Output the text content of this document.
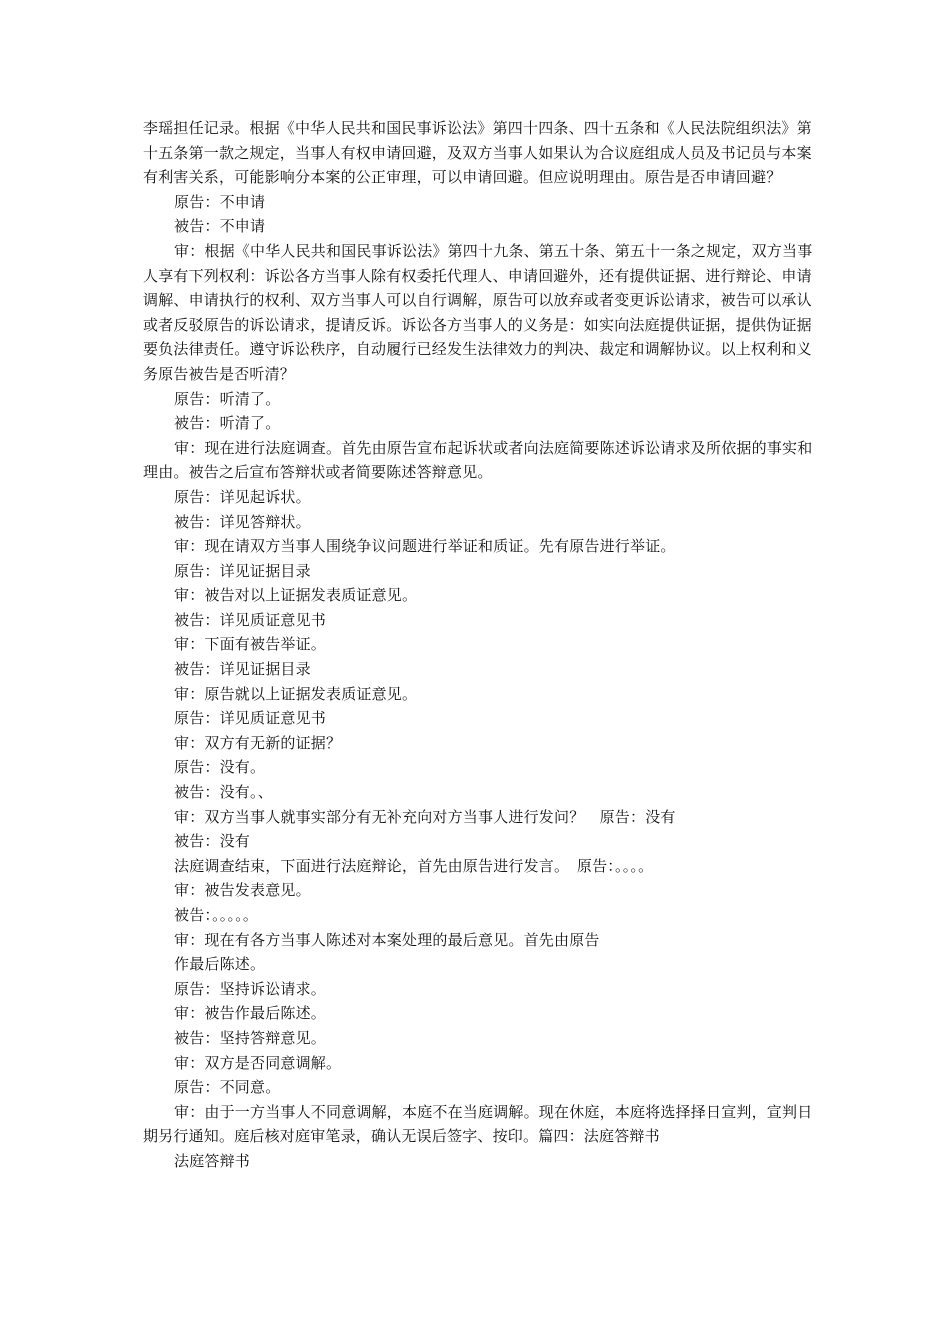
李瑶担任记录。根据《中华人民共和国民事诉讼法》第四十四条、四十五条和《人民法院组织法》第十五条第一款之规定，当事人有权申请回避，及双方当事人如果认为合议庭组成人员及书记员与本案有利害关系，可能影响分本案的公正审理，可以申请回避。但应说明理由。原告是否申请回避？

原告：不申请

被告：不申请

审：根据《中华人民共和国民事诉讼法》第四十九条、第五十条、第五十一条之规定，双方当事人享有下列权利：诉讼各方当事人除有权委托代理人、申请回避外，还有提供证据、进行辩论、申请调解、申请执行的权利、双方当事人可以自行调解，原告可以放弃或者变更诉讼请求，被告可以承认或者反驳原告的诉讼请求，提请反诉。诉讼各方当事人的义务是：如实向法庭提供证据，提供伪证据要负法律责任。遵守诉讼秩序，自动履行已经发生法律效力的判决、裁定和调解协议。以上权利和义务原告被告是否听清？

原告：听清了。

被告：听清了。

审：现在进行法庭调查。首先由原告宣布起诉状或者向法庭简要陈述诉讼请求及所依据的事实和理由。被告之后宣布答辩状或者简要陈述答辩意见。

原告：详见起诉状。

被告：详见答辩状。

审：现在请双方当事人围绕争议问题进行举证和质证。先有原告进行举证。

原告：详见证据目录

审：被告对以上证据发表质证意见。

被告：详见质证意见书

审：下面有被告举证。

被告：详见证据目录

审：原告就以上证据发表质证意见。

原告：详见质证意见书

审：双方有无新的证据？

原告：没有。

被告：没有。、

审：双方当事人就事实部分有无补充向对方当事人进行发问？　原告：没有

被告：没有

法庭调查结束，下面进行法庭辩论，首先由原告进行发言。　原告：。。。。

审：被告发表意见。

被告：。。。。。

审：现在有各方当事人陈述对本案处理的最后意见。首先由原告

作最后陈述。

原告：坚持诉讼请求。

审：被告作最后陈述。

被告：坚持答辩意见。

审：双方是否同意调解。

原告：不同意。

审：由于一方当事人不同意调解，本庭不在当庭调解。现在休庭，本庭将选择择日宣判，宣判日期另行通知。庭后核对庭审笔录，确认无误后签字、按印。篇四：法庭答辩书

法庭答辩书
